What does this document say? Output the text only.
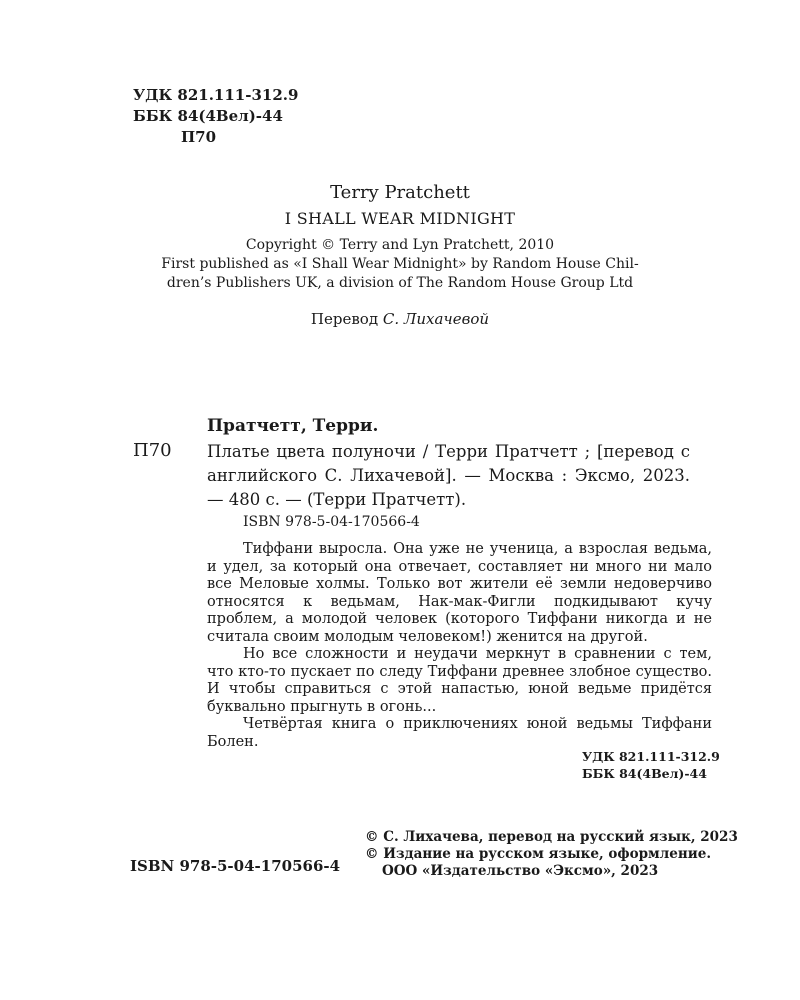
УДК 821.111-312.9
ББК 84(4Вел)-44
П70
Terry Pratchett
I SHALL WEAR MIDNIGHT
Copyright © Terry and Lyn Pratchett, 2010
First published as «I Shall Wear Midnight» by Random House Chil-
dren’s Publishers UK, a division of The Random House Group Ltd
Перевод С. Лихачевой
Пратчетт, Терри.
П70 Платье цвета полуночи / Терри Пратчетт ; [перевод с английского С. Лихачевой]. — Москва : Эксмо, 2023. — 480 с. — (Терри Пратчетт).
ISBN 978-5-04-170566-4

Тиффани выросла. Она уже не ученица, а взрослая ведьма, и удел, за который она отвечает, составляет ни много ни мало все Меловые холмы. Только вот жители её земли недоверчиво относятся к ведьмам, Нак-мак-Фигли подкидывают кучу проблем, а молодой человек (которого Тиффани никогда и не считала своим молодым человеком!) женится на другой.

Но все сложности и неудачи меркнут в сравнении с тем, что кто-то пускает по следу Тиффани древнее злобное существо. И чтобы справиться с этой напастью, юной ведьме придётся буквально прыгнуть в огонь...

Четвёртая книга о приключениях юной ведьмы Тиффани Болен.

УДК 821.111-312.9
ББК 84(4Вел)-44
© С. Лихачева, перевод на русский язык, 2023
© Издание на русском языке, оформление.
ООО «Издательство «Эксмо», 2023
ISBN 978-5-04-170566-4
